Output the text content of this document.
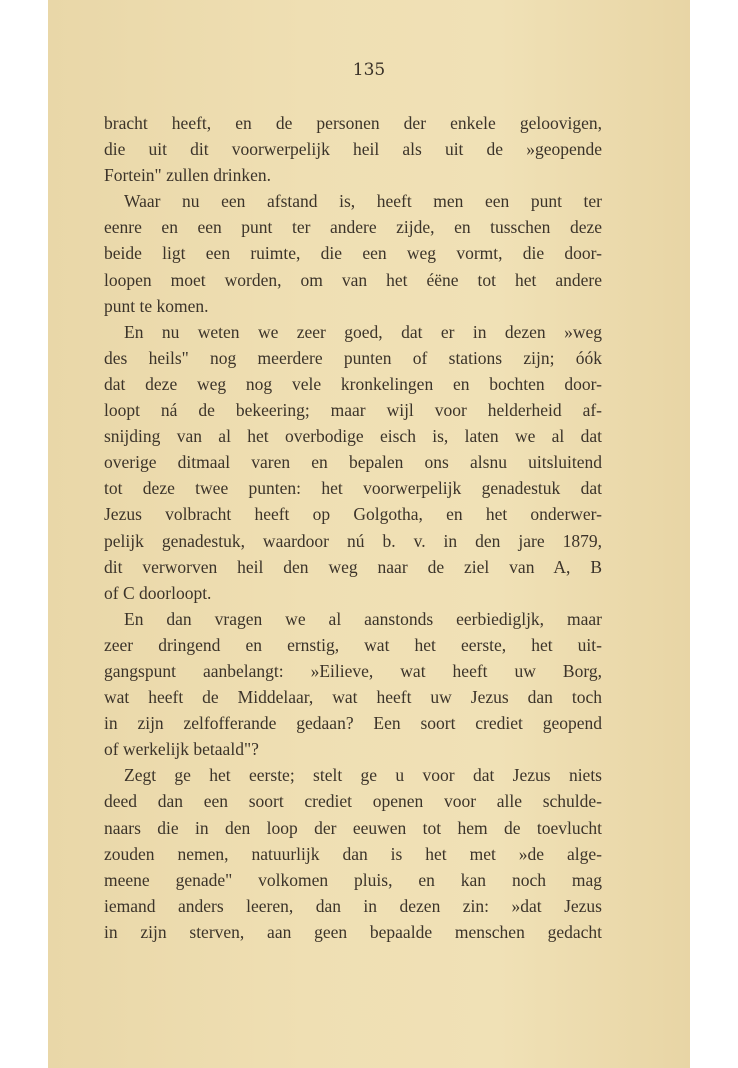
135
bracht heeft, en de personen der enkele geloovigen,
die uit dit voorwerpelijk heil als uit de »geopende
Fortein" zullen drinken.
Waar nu een afstand is, heeft men een punt ter
eenre en een punt ter andere zijde, en tusschen deze
beide ligt een ruimte, die een weg vormt, die door-
loopen moet worden, om van het éëne tot het andere
punt te komen.
En nu weten we zeer goed, dat er in dezen »weg
des heils" nog meerdere punten of stations zijn; óók
dat deze weg nog vele kronkelingen en bochten door-
loopt ná de bekeering; maar wijl voor helderheid af-
snijding van al het overbodige eisch is, laten we al dat
overige ditmaal varen en bepalen ons alsnu uitsluitend
tot deze twee punten: het voorwerpelijk genadestuk dat
Jezus volbracht heeft op Golgotha, en het onderwer-
pelijk genadestuk, waardoor nú b. v. in den jare 1879,
dit verworven heil den weg naar de ziel van A, B
of C doorloopt.
En dan vragen we al aanstonds eerbiedigljk, maar
zeer dringend en ernstig, wat het eerste, het uit-
gangspunt aanbelangt: »Eilieve, wat heeft uw Borg,
wat heeft de Middelaar, wat heeft uw Jezus dan toch
in zijn zelfofferande gedaan? Een soort crediet geopend
of werkelijk betaald"?
Zegt ge het eerste; stelt ge u voor dat Jezus niets
deed dan een soort crediet openen voor alle schulde-
naars die in den loop der eeuwen tot hem de toevlucht
zouden nemen, natuurlijk dan is het met »de alge-
meene genade" volkomen pluis, en kan noch mag
iemand anders leeren, dan in dezen zin: »dat Jezus
in zijn sterven, aan geen bepaalde menschen gedacht
